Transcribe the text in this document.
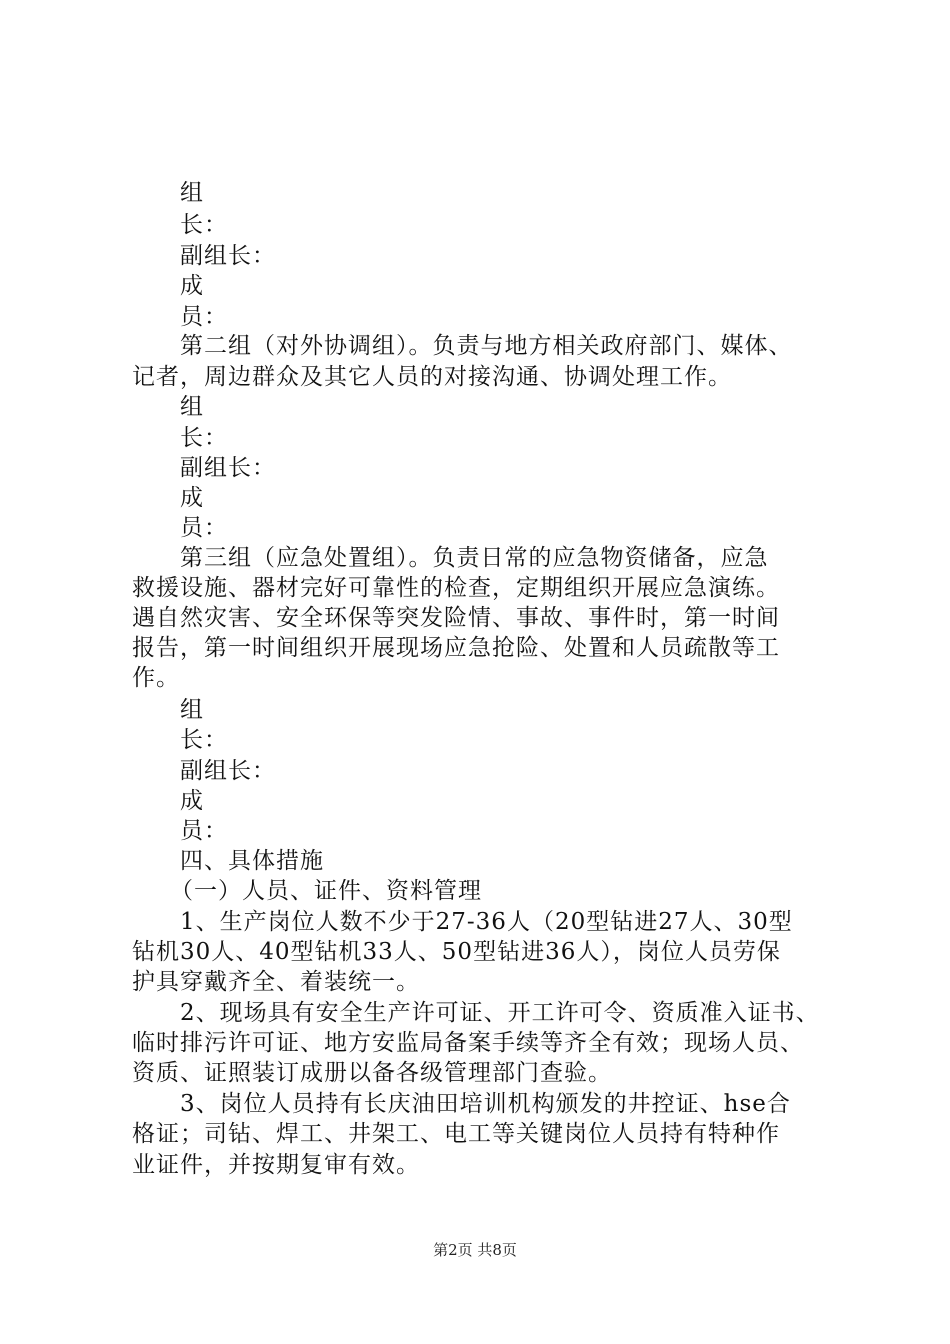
组
长：
副组长：
成
员：
第二组（对外协调组）。负责与地方相关政府部门、媒体、
记者，周边群众及其它人员的对接沟通、协调处理工作。
组
长：
副组长：
成
员：
第三组（应急处置组）。负责日常的应急物资储备，应急
救援设施、器材完好可靠性的检查，定期组织开展应急演练。
遇自然灾害、安全环保等突发险情、事故、事件时，第一时间
报告，第一时间组织开展现场应急抢险、处置和人员疏散等工
作。
组
长：
副组长：
成
员：
四、具体措施
（一）人员、证件、资料管理
1、生产岗位人数不少于27-36人（20型钻进27人、30型
钻机30人、40型钻机33人、50型钻进36人），岗位人员劳保
护具穿戴齐全、着装统一。
2、现场具有安全生产许可证、开工许可令、资质准入证书、
临时排污许可证、地方安监局备案手续等齐全有效；现场人员、
资质、证照装订成册以备各级管理部门查验。
3、岗位人员持有长庆油田培训机构颁发的井控证、hse合
格证；司钻、焊工、井架工、电工等关键岗位人员持有特种作
业证件，并按期复审有效。
第2页 共8页
